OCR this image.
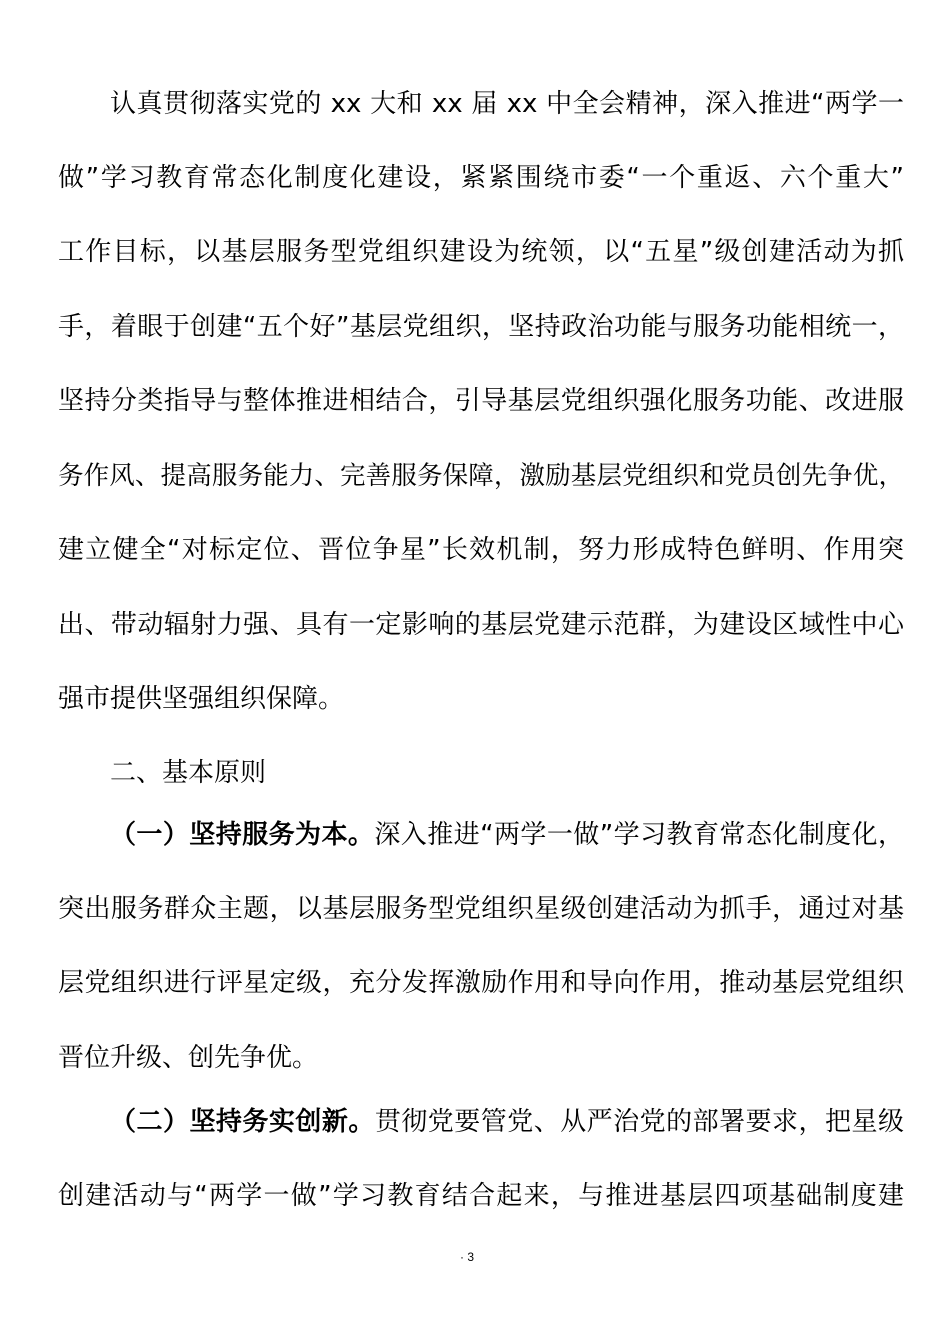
认真贯彻落实党的 xx 大和 xx 届 xx 中全会精神，深入推进“两学一
做”学习教育常态化制度化建设，紧紧围绕市委“一个重返、六个重大”
工作目标，以基层服务型党组织建设为统领，以“五星”级创建活动为抓
手，着眼于创建“五个好”基层党组织，坚持政治功能与服务功能相统一，
坚持分类指导与整体推进相结合，引导基层党组织强化服务功能、改进服
务作风、提高服务能力、完善服务保障，激励基层党组织和党员创先争优，
建立健全“对标定位、晋位争星”长效机制，努力形成特色鲜明、作用突
出、带动辐射力强、具有一定影响的基层党建示范群，为建设区域性中心
强市提供坚强组织保障。
二、基本原则
（一）坚持服务为本。深入推进“两学一做”学习教育常态化制度化，
突出服务群众主题，以基层服务型党组织星级创建活动为抓手，通过对基
层党组织进行评星定级，充分发挥激励作用和导向作用，推动基层党组织
晋位升级、创先争优。
（二）坚持务实创新。贯彻党要管党、从严治党的部署要求，把星级
创建活动与“两学一做”学习教育结合起来，与推进基层四项基础制度建
· 3
